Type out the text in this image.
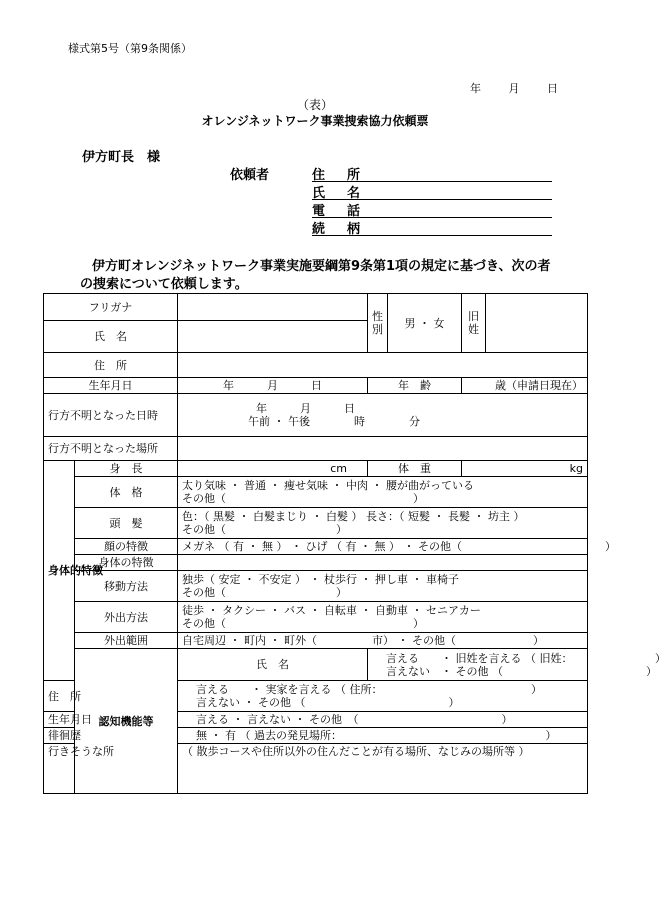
様式第5号（第9条関係）
年	月	日
（表）
オレンジネットワーク事業捜索協力依頼票
伊方町長　様
依頼者	住所
氏名
電話
続柄
伊方町オレンジネットワーク事業実施要綱第9条第1項の規定に基づき、次の者の捜索について依頼します。
フリガナ			性別	男 ・ 女	旧姓	
氏　名						
住　所						
生年月日		年　　　月　　　日	年　齢		歳（申請日現在）	
行方不明となった日時		年　　　月　　　日
午前 ・ 午後　　　　時　　　　分				

行方不明となった場所						
身体的特徴	身　長	cm	体　重		kg	
	体　格	太り気味 ・ 普通 ・ 痩せ気味 ・ 中肉 ・ 腰が曲がっている
その他（　　　　　　　　　　　　　　　　　）				

	頭　髪	色：（ 黒髪 ・ 白髪まじり ・ 白髪 ） 長さ：（ 短髪 ・ 長髪 ・ 坊主 ）
その他（　　　　　　　　　　）				

	顔の特徴	メガネ （ 有 ・ 無 ） ・ ひげ （ 有 ・ 無 ） ・ その他（　　　　　　　　　　　　　）				
	身体の特徴					
	移動方法	独歩（ 安定 ・ 不安定 ） ・ 杖歩行 ・ 押し車 ・ 車椅子
その他（　　　　　　　　　　）				

	外出方法	徒歩 ・ タクシー ・ バス ・ 自転車 ・ 自動車 ・ セニアカー
その他（　　　　　　　　　　　　　　　　　）				

	外出範囲	自宅周辺 ・ 町内 ・ 町外（　　　　　市） ・ その他（　　　　　　　）				
	認知機能等	氏　名	言える　　・ 旧姓を言える （ 旧姓：　　　　　　　　）
言えない　・ その他 （　　　　　　　　　　　　　）			

住　所		言える　　・ 実家を言える （ 住所：　　　　　　　　　　　　　　）
言えない ・ その他 （　　　　　　　　　　　　　）				

生年月日		言える ・ 言えない ・ その他　（　　　　　　　　　　　　　）				
徘徊歴		無 ・ 有 （ 過去の発見場所：　　　　　　　　　　　　　　　　　　　）				
行きそうな所		（ 散歩コースや住所以外の住んだことが有る場所、なじみの場所等 ）				
